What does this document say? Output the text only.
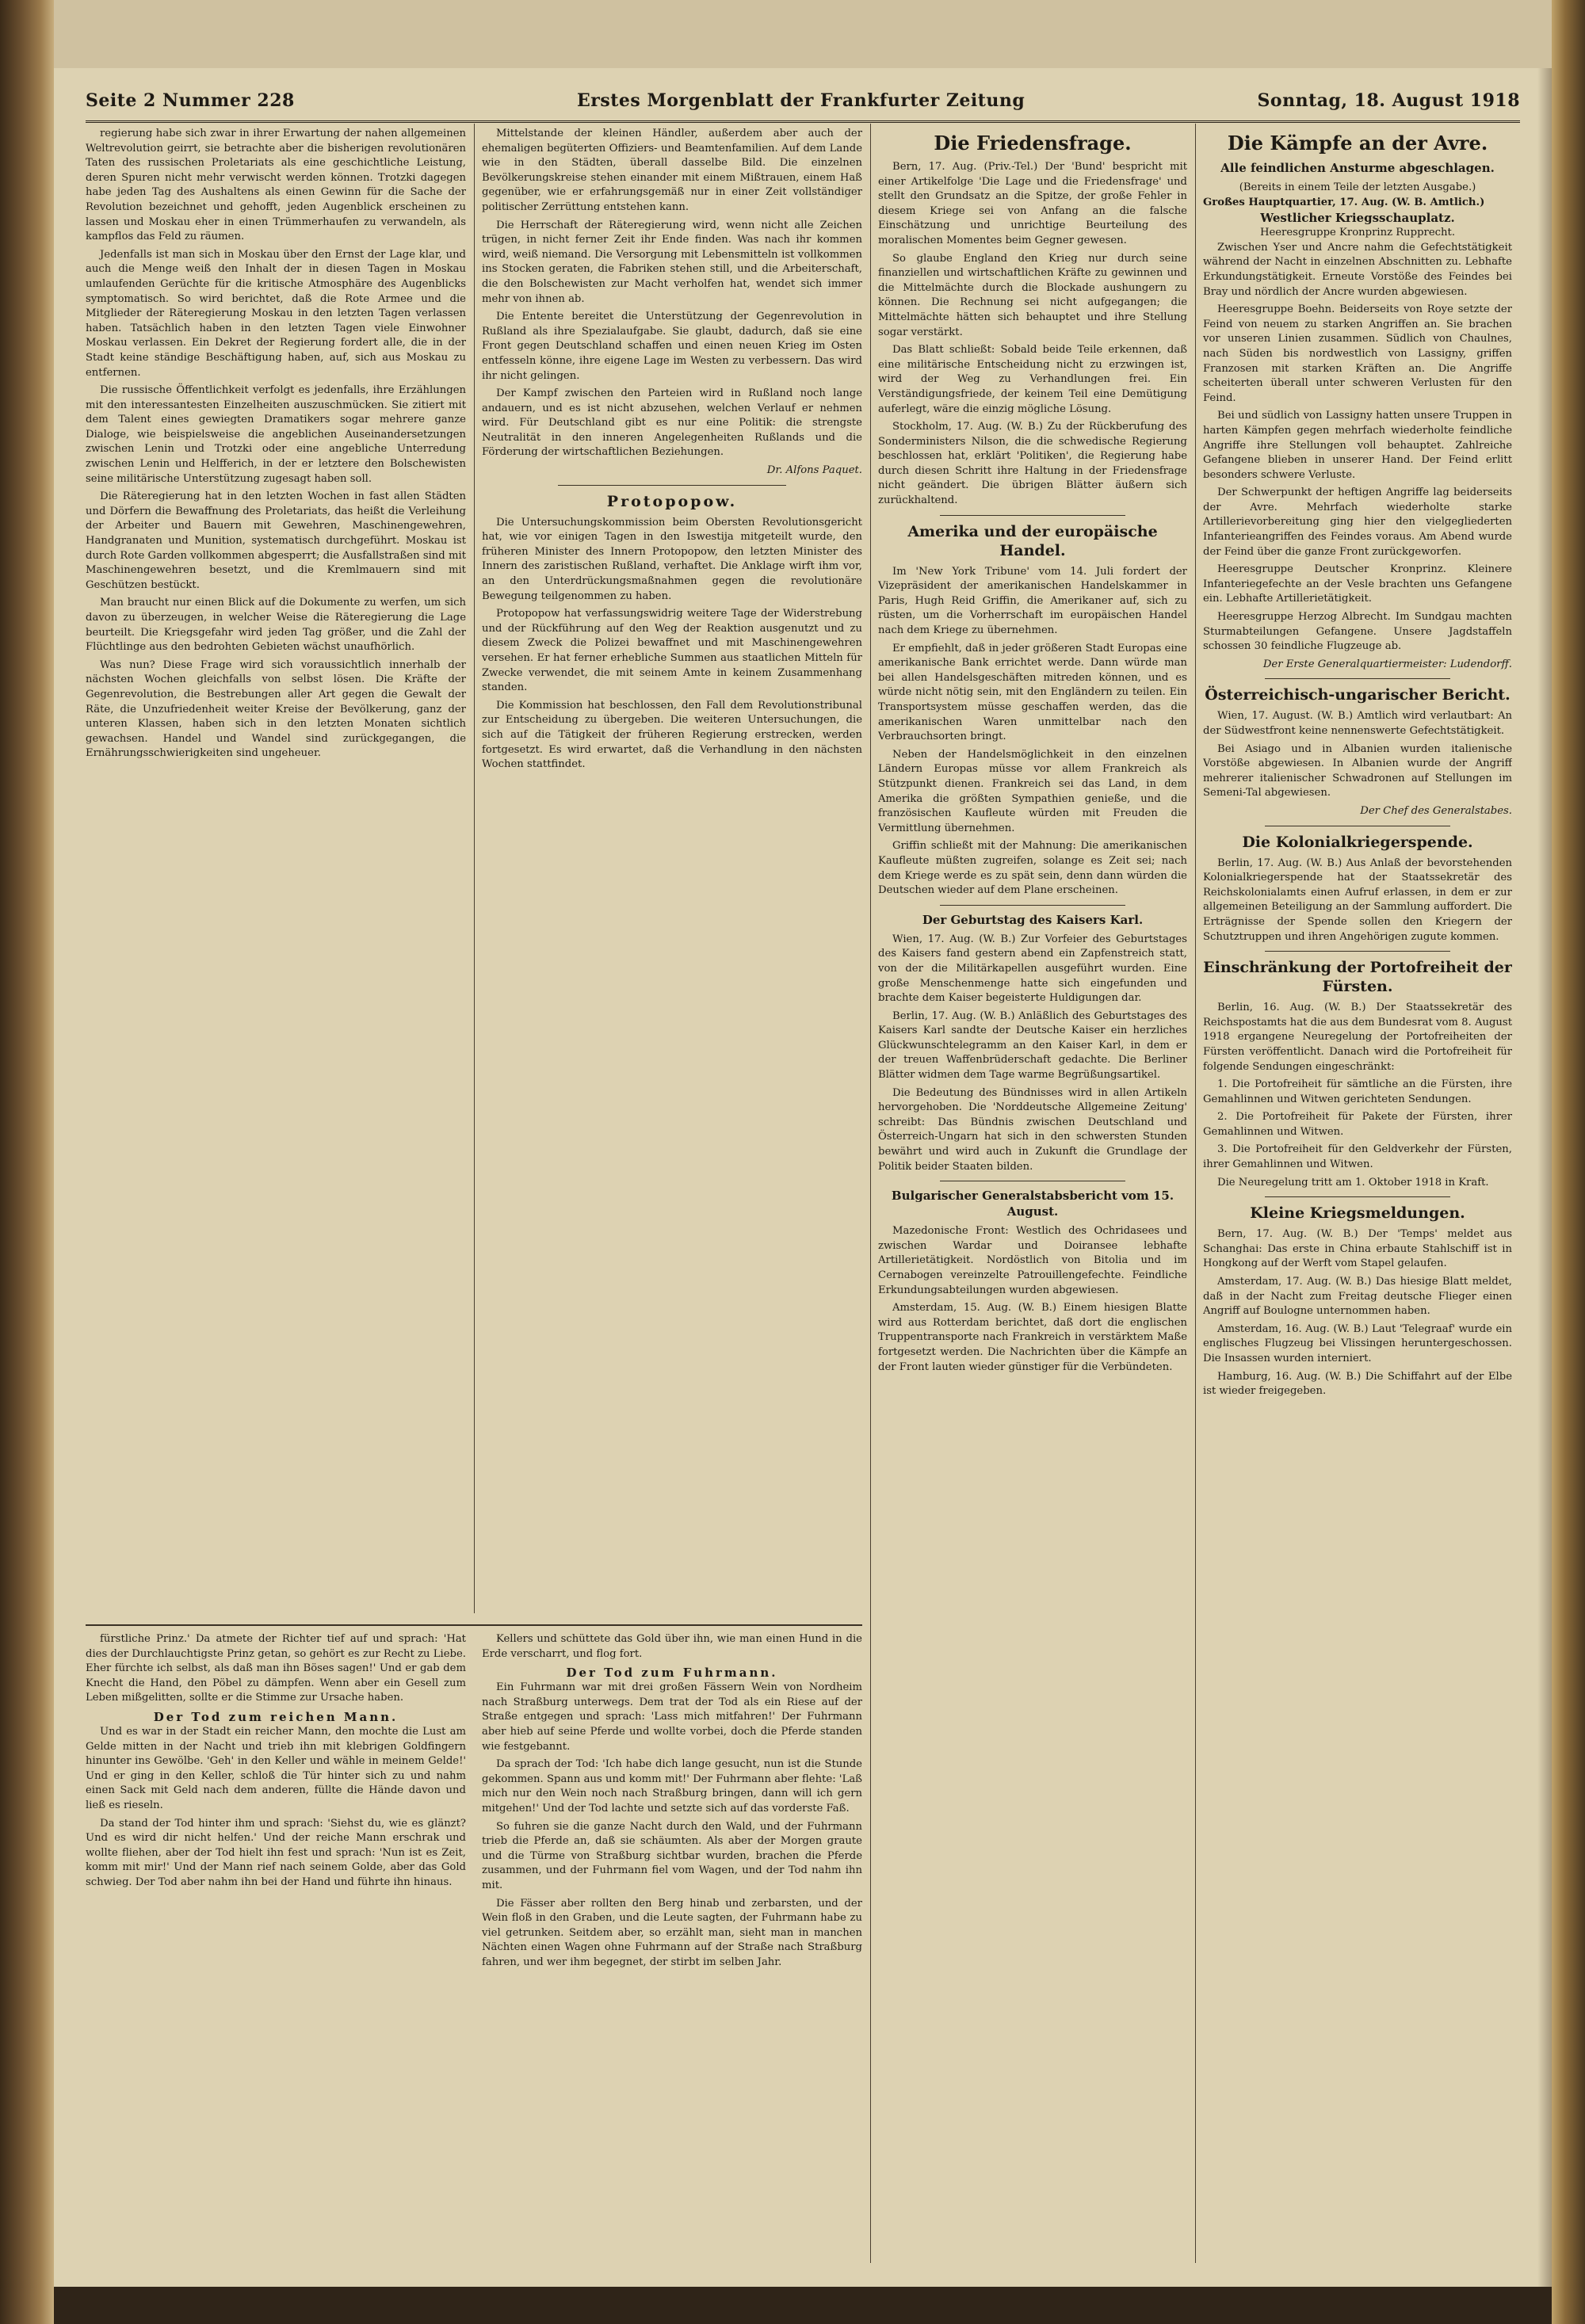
Seite 2 Nummer 228	Erstes Morgenblatt der Frankfurter Zeitung	Sonntag, 18. August 1918

regierung habe sich zwar in ihrer Erwartung der nahen allgemeinen Weltrevolution geirrt, sie betrachte aber die bisherigen revolutionären Taten des russischen Proletariats als eine geschichtliche Leistung, deren Spuren nicht mehr verwischt werden können. Trotzki dagegen habe jeden Tag des Aushaltens als einen Gewinn für die Sache der Revolution bezeichnet und gehofft, jeden Augenblick erscheinen zu lassen und Moskau eher in einen Trümmerhaufen zu verwandeln, als kampflos das Feld zu räumen.

Jedenfalls ist man sich in Moskau über den Ernst der Lage klar, und auch die Menge weiß den Inhalt der in diesen Tagen in Moskau umlaufenden Gerüchte für die kritische Atmosphäre des Augenblicks symptomatisch. So wird berichtet, daß die Rote Armee und die Mitglieder der Räteregierung Moskau in den letzten Tagen verlassen haben. Tatsächlich haben in den letzten Tagen viele Einwohner Moskau verlassen. Ein Dekret der Regierung fordert alle, die in der Stadt keine ständige Beschäftigung haben, auf, sich aus Moskau zu entfernen.

Die russische Öffentlichkeit verfolgt es jedenfalls, ihre Erzählungen mit den interessantesten Einzelheiten auszuschmücken. Sie zitiert mit dem Talent eines gewiegten Dramatikers sogar mehrere ganze Dialoge, wie beispielsweise die angeblichen Auseinandersetzungen zwischen Lenin und Trotzki oder eine angebliche Unterredung zwischen Lenin und Helfferich, in der er letztere den Bolschewisten seine militärische Unterstützung zugesagt haben soll.

Die Räteregierung hat in den letzten Wochen in fast allen Städten und Dörfern die Bewaffnung des Proletariats, das heißt die Verleihung der Arbeiter und Bauern mit Gewehren, Maschinengewehren, Handgranaten und Munition, systematisch durchgeführt. Moskau ist durch Rote Garden vollkommen abgesperrt; die Ausfallstraßen sind mit Maschinengewehren besetzt, und die Kremlmauern sind mit Geschützen bestückt.

Man braucht nur einen Blick auf die Dokumente zu werfen, um sich davon zu überzeugen, in welcher Weise die Räteregierung die Lage beurteilt. Die Kriegsgefahr wird jeden Tag größer, und die Zahl der Flüchtlinge aus den bedrohten Gebieten wächst unaufhörlich.

Was nun? Diese Frage wird sich voraussichtlich innerhalb der nächsten Wochen gleichfalls von selbst lösen. Die Kräfte der Gegenrevolution, die Bestrebungen aller Art gegen die Gewalt der Räte, die Unzufriedenheit weiter Kreise der Bevölkerung, ganz der unteren Klassen, haben sich in den letzten Monaten sichtlich gewachsen. Handel und Wandel sind zurückgegangen, die Ernährungsschwierigkeiten sind ungeheuer.

Mittelstande der kleinen Händler, außerdem aber auch der ehemaligen begüterten Offiziers- und Beamtenfamilien. Auf dem Lande wie in den Städten, überall dasselbe Bild. Die einzelnen Bevölkerungskreise stehen einander mit einem Mißtrauen, einem Haß gegenüber, wie er erfahrungsgemäß nur in einer Zeit vollständiger politischer Zerrüttung entstehen kann.

Die Herrschaft der Räteregierung wird, wenn nicht alle Zeichen trügen, in nicht ferner Zeit ihr Ende finden. Was nach ihr kommen wird, weiß niemand. Die Versorgung mit Lebensmitteln ist vollkommen ins Stocken geraten, die Fabriken stehen still, und die Arbeiterschaft, die den Bolschewisten zur Macht verholfen hat, wendet sich immer mehr von ihnen ab.

Die Entente bereitet die Unterstützung der Gegenrevolution in Rußland als ihre Spezialaufgabe. Sie glaubt, dadurch, daß sie eine Front gegen Deutschland schaffen und einen neuen Krieg im Osten entfesseln könne, ihre eigene Lage im Westen zu verbessern. Das wird ihr nicht gelingen.

Der Kampf zwischen den Parteien wird in Rußland noch lange andauern, und es ist nicht abzusehen, welchen Verlauf er nehmen wird. Für Deutschland gibt es nur eine Politik: die strengste Neutralität in den inneren Angelegenheiten Rußlands und die Förderung der wirtschaftlichen Beziehungen.

Dr. Alfons Paquet.
Protopopow.

Die Untersuchungskommission beim Obersten Revolutionsgericht hat, wie vor einigen Tagen in den Iswestija mitgeteilt wurde, den früheren Minister des Innern Protopopow, den letzten Minister des Innern des zaristischen Rußland, verhaftet. Die Anklage wirft ihm vor, an den Unterdrückungsmaßnahmen gegen die revolutionäre Bewegung teilgenommen zu haben.

Protopopow hat verfassungswidrig weitere Tage der Widerstrebung und der Rückführung auf den Weg der Reaktion ausgenutzt und zu diesem Zweck die Polizei bewaffnet und mit Maschinengewehren versehen. Er hat ferner erhebliche Summen aus staatlichen Mitteln für Zwecke verwendet, die mit seinem Amte in keinem Zusammenhang standen.

Die Kommission hat beschlossen, den Fall dem Revolutionstribunal zur Entscheidung zu übergeben. Die weiteren Untersuchungen, die sich auf die Tätigkeit der früheren Regierung erstrecken, werden fortgesetzt. Es wird erwartet, daß die Verhandlung in den nächsten Wochen stattfindet.

fürstliche Prinz.' Da atmete der Richter tief auf und sprach: 'Hat dies der Durchlauchtigste Prinz getan, so gehört es zur Recht zu Liebe. Eher fürchte ich selbst, als daß man ihn Böses sagen!' Und er gab dem Knecht die Hand, den Pöbel zu dämpfen. Wenn aber ein Gesell zum Leben mißgelitten, sollte er die Stimme zur Ursache haben.

Der Tod zum reichen Mann.

Und es war in der Stadt ein reicher Mann, den mochte die Lust am Gelde mitten in der Nacht und trieb ihn mit klebrigen Goldfingern hinunter ins Gewölbe. 'Geh' in den Keller und wähle in meinem Gelde!' Und er ging in den Keller, schloß die Tür hinter sich zu und nahm einen Sack mit Geld nach dem anderen, füllte die Hände davon und ließ es rieseln.

Da stand der Tod hinter ihm und sprach: 'Siehst du, wie es glänzt? Und es wird dir nicht helfen.' Und der reiche Mann erschrak und wollte fliehen, aber der Tod hielt ihn fest und sprach: 'Nun ist es Zeit, komm mit mir!' Und der Mann rief nach seinem Golde, aber das Gold schwieg. Der Tod aber nahm ihn bei der Hand und führte ihn hinaus.

Kellers und schüttete das Gold über ihn, wie man einen Hund in die Erde verscharrt, und flog fort.

Der Tod zum Fuhrmann.

Ein Fuhrmann war mit drei großen Fässern Wein von Nordheim nach Straßburg unterwegs. Dem trat der Tod als ein Riese auf der Straße entgegen und sprach: 'Lass mich mitfahren!' Der Fuhrmann aber hieb auf seine Pferde und wollte vorbei, doch die Pferde standen wie festgebannt.

Da sprach der Tod: 'Ich habe dich lange gesucht, nun ist die Stunde gekommen. Spann aus und komm mit!' Der Fuhrmann aber flehte: 'Laß mich nur den Wein noch nach Straßburg bringen, dann will ich gern mitgehen!' Und der Tod lachte und setzte sich auf das vorderste Faß.

So fuhren sie die ganze Nacht durch den Wald, und der Fuhrmann trieb die Pferde an, daß sie schäumten. Als aber der Morgen graute und die Türme von Straßburg sichtbar wurden, brachen die Pferde zusammen, und der Fuhrmann fiel vom Wagen, und der Tod nahm ihn mit.

Die Fässer aber rollten den Berg hinab und zerbarsten, und der Wein floß in den Graben, und die Leute sagten, der Fuhrmann habe zu viel getrunken. Seitdem aber, so erzählt man, sieht man in manchen Nächten einen Wagen ohne Fuhrmann auf der Straße nach Straßburg fahren, und wer ihm begegnet, der stirbt im selben Jahr.

Die Friedensfrage.

Bern, 17. Aug. (Priv.-Tel.) Der 'Bund' bespricht mit einer Artikelfolge 'Die Lage und die Friedensfrage' und stellt den Grundsatz an die Spitze, der große Fehler in diesem Kriege sei von Anfang an die falsche Einschätzung und unrichtige Beurteilung des moralischen Momentes beim Gegner gewesen.

So glaube England den Krieg nur durch seine finanziellen und wirtschaftlichen Kräfte zu gewinnen und die Mittelmächte durch die Blockade aushungern zu können. Die Rechnung sei nicht aufgegangen; die Mittelmächte hätten sich behauptet und ihre Stellung sogar verstärkt.

Das Blatt schließt: Sobald beide Teile erkennen, daß eine militärische Entscheidung nicht zu erzwingen ist, wird der Weg zu Verhandlungen frei. Ein Verständigungsfriede, der keinem Teil eine Demütigung auferlegt, wäre die einzig mögliche Lösung.

Stockholm, 17. Aug. (W. B.) Zu der Rückberufung des Sonderministers Nilson, die die schwedische Regierung beschlossen hat, erklärt 'Politiken', die Regierung habe durch diesen Schritt ihre Haltung in der Friedensfrage nicht geändert. Die übrigen Blätter äußern sich zurückhaltend.

Amerika und der europäische Handel.

Im 'New York Tribune' vom 14. Juli fordert der Vizepräsident der amerikanischen Handelskammer in Paris, Hugh Reid Griffin, die Amerikaner auf, sich zu rüsten, um die Vorherrschaft im europäischen Handel nach dem Kriege zu übernehmen.

Er empfiehlt, daß in jeder größeren Stadt Europas eine amerikanische Bank errichtet werde. Dann würde man bei allen Handelsgeschäften mitreden können, und es würde nicht nötig sein, mit den Engländern zu teilen. Ein Transportsystem müsse geschaffen werden, das die amerikanischen Waren unmittelbar nach den Verbrauchsorten bringt.

Neben der Handelsmöglichkeit in den einzelnen Ländern Europas müsse vor allem Frankreich als Stützpunkt dienen. Frankreich sei das Land, in dem Amerika die größten Sympathien genieße, und die französischen Kaufleute würden mit Freuden die Vermittlung übernehmen.

Griffin schließt mit der Mahnung: Die amerikanischen Kaufleute müßten zugreifen, solange es Zeit sei; nach dem Kriege werde es zu spät sein, denn dann würden die Deutschen wieder auf dem Plane erscheinen.

Der Geburtstag des Kaisers Karl.

Wien, 17. Aug. (W. B.) Zur Vorfeier des Geburtstages des Kaisers fand gestern abend ein Zapfenstreich statt, von der die Militärkapellen ausgeführt wurden. Eine große Menschenmenge hatte sich eingefunden und brachte dem Kaiser begeisterte Huldigungen dar.

Berlin, 17. Aug. (W. B.) Anläßlich des Geburtstages des Kaisers Karl sandte der Deutsche Kaiser ein herzliches Glückwunschtelegramm an den Kaiser Karl, in dem er der treuen Waffenbrüderschaft gedachte. Die Berliner Blätter widmen dem Tage warme Begrüßungsartikel.

Die Bedeutung des Bündnisses wird in allen Artikeln hervorgehoben. Die 'Norddeutsche Allgemeine Zeitung' schreibt: Das Bündnis zwischen Deutschland und Österreich-Ungarn hat sich in den schwersten Stunden bewährt und wird auch in Zukunft die Grundlage der Politik beider Staaten bilden.

Bulgarischer Generalstabsbericht vom 15. August.

Mazedonische Front: Westlich des Ochridasees und zwischen Wardar und Doiransee lebhafte Artillerietätigkeit. Nordöstlich von Bitolia und im Cernabogen vereinzelte Patrouillengefechte. Feindliche Erkundungsabteilungen wurden abgewiesen.

Amsterdam, 15. Aug. (W. B.) Einem hiesigen Blatte wird aus Rotterdam berichtet, daß dort die englischen Truppentransporte nach Frankreich in verstärktem Maße fortgesetzt werden. Die Nachrichten über die Kämpfe an der Front lauten wieder günstiger für die Verbündeten.

Die Kämpfe an der Avre.
Alle feindlichen Ansturme abgeschlagen.
(Bereits in einem Teile der letzten Ausgabe.)
Großes Hauptquartier, 17. Aug. (W. B. Amtlich.)
Westlicher Kriegsschauplatz.
Heeresgruppe Kronprinz Rupprecht.

Zwischen Yser und Ancre nahm die Gefechtstätigkeit während der Nacht in einzelnen Abschnitten zu. Lebhafte Erkundungstätigkeit. Erneute Vorstöße des Feindes bei Bray und nördlich der Ancre wurden abgewiesen.

Heeresgruppe Boehn. Beiderseits von Roye setzte der Feind von neuem zu starken Angriffen an. Sie brachen vor unseren Linien zusammen. Südlich von Chaulnes, nach Süden bis nordwestlich von Lassigny, griffen Franzosen mit starken Kräften an. Die Angriffe scheiterten überall unter schweren Verlusten für den Feind.

Bei und südlich von Lassigny hatten unsere Truppen in harten Kämpfen gegen mehrfach wiederholte feindliche Angriffe ihre Stellungen voll behauptet. Zahlreiche Gefangene blieben in unserer Hand. Der Feind erlitt besonders schwere Verluste.

Der Schwerpunkt der heftigen Angriffe lag beiderseits der Avre. Mehrfach wiederholte starke Artillerievorbereitung ging hier den vielgegliederten Infanterieangriffen des Feindes voraus. Am Abend wurde der Feind über die ganze Front zurückgeworfen.

Heeresgruppe Deutscher Kronprinz. Kleinere Infanteriegefechte an der Vesle brachten uns Gefangene ein. Lebhafte Artillerietätigkeit.

Heeresgruppe Herzog Albrecht. Im Sundgau machten Sturmabteilungen Gefangene. Unsere Jagdstaffeln schossen 30 feindliche Flugzeuge ab.

Der Erste Generalquartiermeister: Ludendorff.
Österreichisch-ungarischer Bericht.

Wien, 17. August. (W. B.) Amtlich wird verlautbart: An der Südwestfront keine nennenswerte Gefechtstätigkeit.

Bei Asiago und in Albanien wurden italienische Vorstöße abgewiesen. In Albanien wurde der Angriff mehrerer italienischer Schwadronen auf Stellungen im Semeni-Tal abgewiesen.

Der Chef des Generalstabes.
Die Kolonialkriegerspende.

Berlin, 17. Aug. (W. B.) Aus Anlaß der bevorstehenden Kolonialkriegerspende hat der Staatssekretär des Reichskolonialamts einen Aufruf erlassen, in dem er zur allgemeinen Beteiligung an der Sammlung auffordert. Die Erträgnisse der Spende sollen den Kriegern der Schutztruppen und ihren Angehörigen zugute kommen.

Einschränkung der Portofreiheit der Fürsten.

Berlin, 16. Aug. (W. B.) Der Staatssekretär des Reichspostamts hat die aus dem Bundesrat vom 8. August 1918 ergangene Neuregelung der Portofreiheiten der Fürsten veröffentlicht. Danach wird die Portofreiheit für folgende Sendungen eingeschränkt:

1. Die Portofreiheit für sämtliche an die Fürsten, ihre Gemahlinnen und Witwen gerichteten Sendungen.

2. Die Portofreiheit für Pakete der Fürsten, ihrer Gemahlinnen und Witwen.

3. Die Portofreiheit für den Geldverkehr der Fürsten, ihrer Gemahlinnen und Witwen.

Die Neuregelung tritt am 1. Oktober 1918 in Kraft.

Kleine Kriegsmeldungen.

Bern, 17. Aug. (W. B.) Der 'Temps' meldet aus Schanghai: Das erste in China erbaute Stahlschiff ist in Hongkong auf der Werft vom Stapel gelaufen.

Amsterdam, 17. Aug. (W. B.) Das hiesige Blatt meldet, daß in der Nacht zum Freitag deutsche Flieger einen Angriff auf Boulogne unternommen haben.

Amsterdam, 16. Aug. (W. B.) Laut 'Telegraaf' wurde ein englisches Flugzeug bei Vlissingen heruntergeschossen. Die Insassen wurden interniert.

Hamburg, 16. Aug. (W. B.) Die Schiffahrt auf der Elbe ist wieder freigegeben.
